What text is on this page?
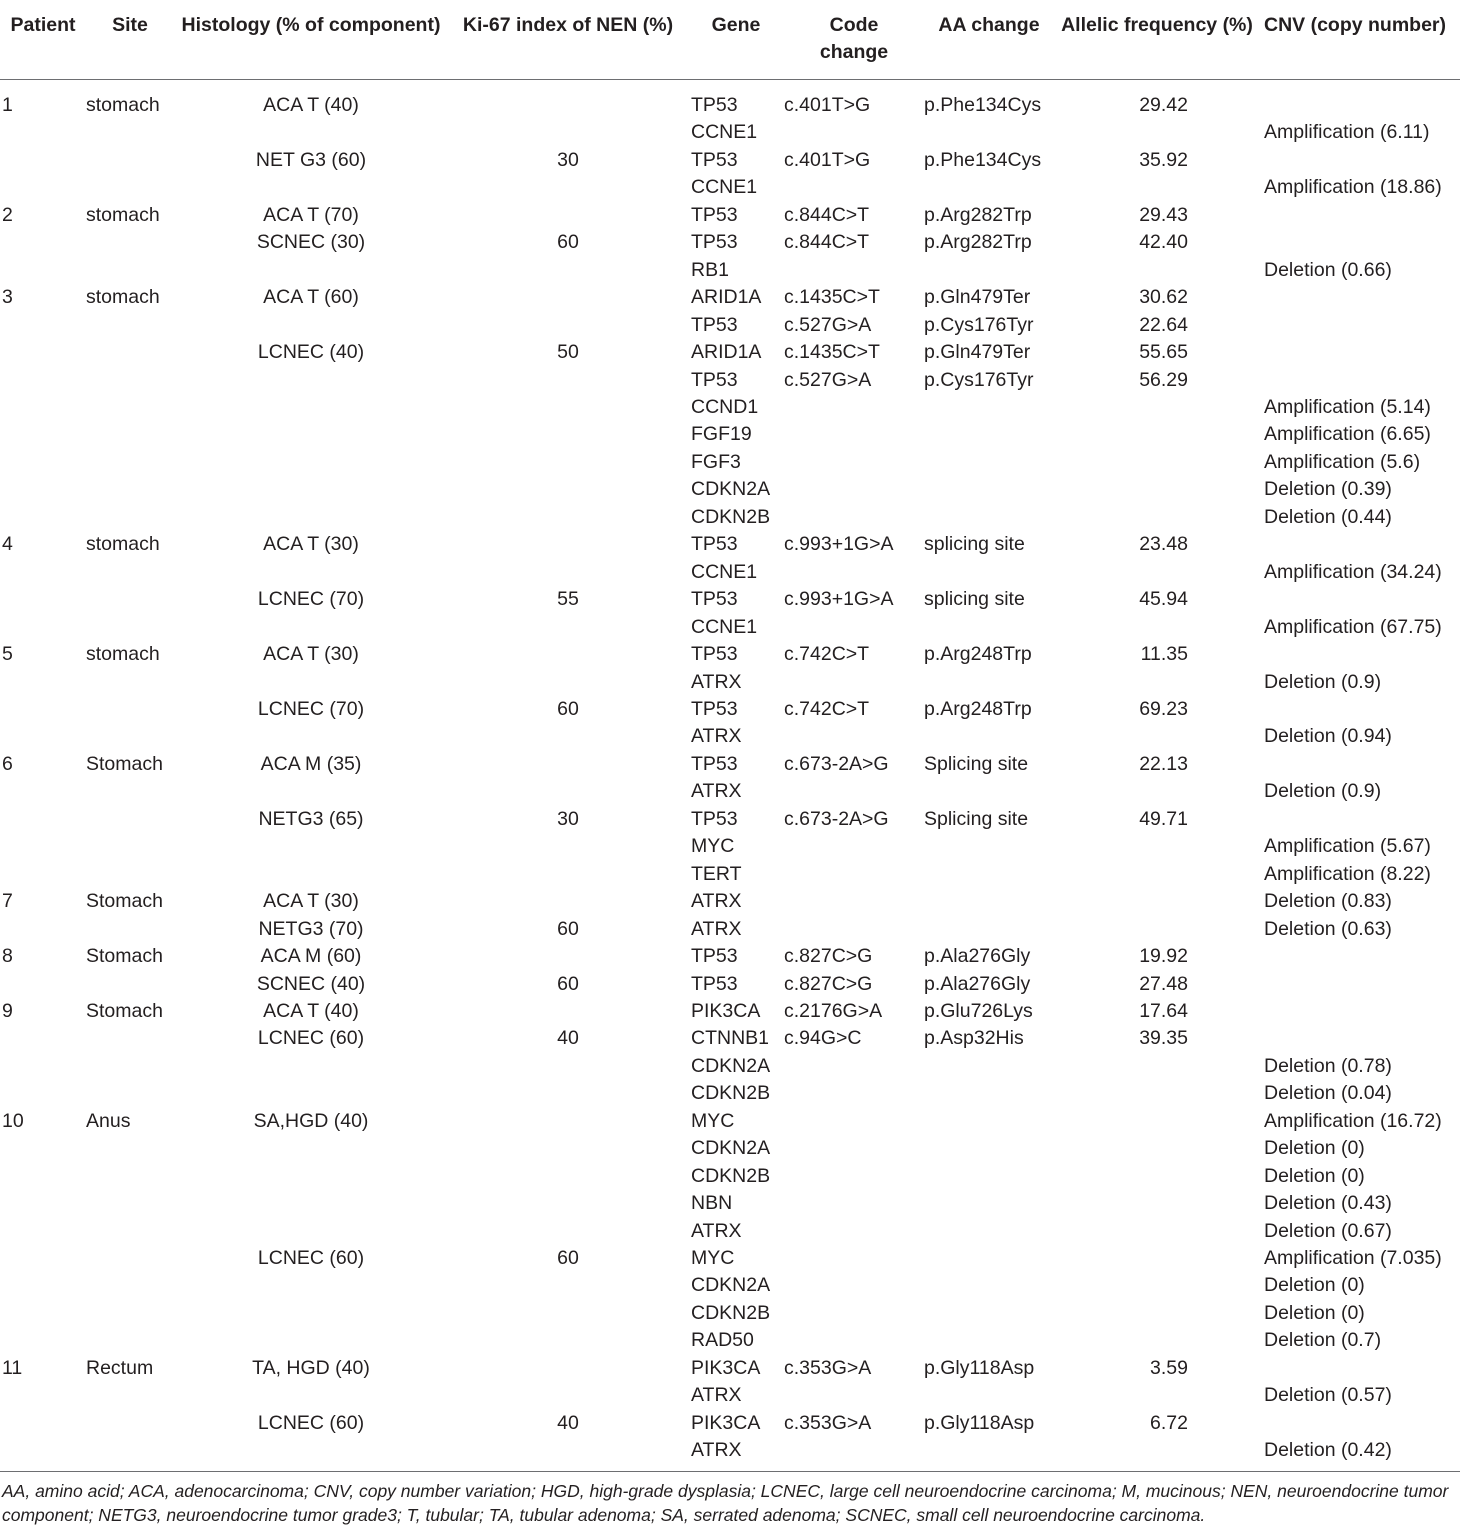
Patient	Site	Histology (% of component)	Ki-67 index of NEN (%)	Gene	Code change	AA change	Allelic frequency (%)	CNV (copy number)
1	stomach	ACA T (40)		TP53	c.401T>G	p.Phe134Cys	29.42	
				CCNE1				Amplification (6.11)
		NET G3 (60)	30	TP53	c.401T>G	p.Phe134Cys	35.92	
				CCNE1				Amplification (18.86)
2	stomach	ACA T (70)		TP53	c.844C>T	p.Arg282Trp	29.43	
		SCNEC (30)	60	TP53	c.844C>T	p.Arg282Trp	42.40	
				RB1				Deletion (0.66)
3	stomach	ACA T (60)		ARID1A	c.1435C>T	p.Gln479Ter	30.62	
				TP53	c.527G>A	p.Cys176Tyr	22.64	
		LCNEC (40)	50	ARID1A	c.1435C>T	p.Gln479Ter	55.65	
				TP53	c.527G>A	p.Cys176Tyr	56.29	
				CCND1				Amplification (5.14)
				FGF19				Amplification (6.65)
				FGF3				Amplification (5.6)
				CDKN2A				Deletion (0.39)
				CDKN2B				Deletion (0.44)
4	stomach	ACA T (30)		TP53	c.993+1G>A	splicing site	23.48	
				CCNE1				Amplification (34.24)
		LCNEC (70)	55	TP53	c.993+1G>A	splicing site	45.94	
				CCNE1				Amplification (67.75)
5	stomach	ACA T (30)		TP53	c.742C>T	p.Arg248Trp	11.35	
				ATRX				Deletion (0.9)
		LCNEC (70)	60	TP53	c.742C>T	p.Arg248Trp	69.23	
				ATRX				Deletion (0.94)
6	Stomach	ACA M (35)		TP53	c.673-2A>G	Splicing site	22.13	
				ATRX				Deletion (0.9)
		NETG3 (65)	30	TP53	c.673-2A>G	Splicing site	49.71	
				MYC				Amplification (5.67)
				TERT				Amplification (8.22)
7	Stomach	ACA T (30)		ATRX				Deletion (0.83)
		NETG3 (70)	60	ATRX				Deletion (0.63)
8	Stomach	ACA M (60)		TP53	c.827C>G	p.Ala276Gly	19.92	
		SCNEC (40)	60	TP53	c.827C>G	p.Ala276Gly	27.48	
9	Stomach	ACA T (40)		PIK3CA	c.2176G>A	p.Glu726Lys	17.64	
		LCNEC (60)	40	CTNNB1	c.94G>C	p.Asp32His	39.35	
				CDKN2A				Deletion (0.78)
				CDKN2B				Deletion (0.04)
10	Anus	SA,HGD (40)		MYC				Amplification (16.72)
				CDKN2A				Deletion (0)
				CDKN2B				Deletion (0)
				NBN				Deletion (0.43)
				ATRX				Deletion (0.67)
		LCNEC (60)	60	MYC				Amplification (7.035)
				CDKN2A				Deletion (0)
				CDKN2B				Deletion (0)
				RAD50				Deletion (0.7)
11	Rectum	TA, HGD (40)		PIK3CA	c.353G>A	p.Gly118Asp	3.59	
				ATRX				Deletion (0.57)
		LCNEC (60)	40	PIK3CA	c.353G>A	p.Gly118Asp	6.72	
				ATRX				Deletion (0.42)
AA, amino acid; ACA, adenocarcinoma; CNV, copy number variation; HGD, high-grade dysplasia; LCNEC, large cell neuroendocrine carcinoma; M, mucinous; NEN, neuroendocrine tumor component; NETG3, neuroendocrine tumor grade3; T, tubular; TA, tubular adenoma; SA, serrated adenoma; SCNEC, small cell neuroendocrine carcinoma.
